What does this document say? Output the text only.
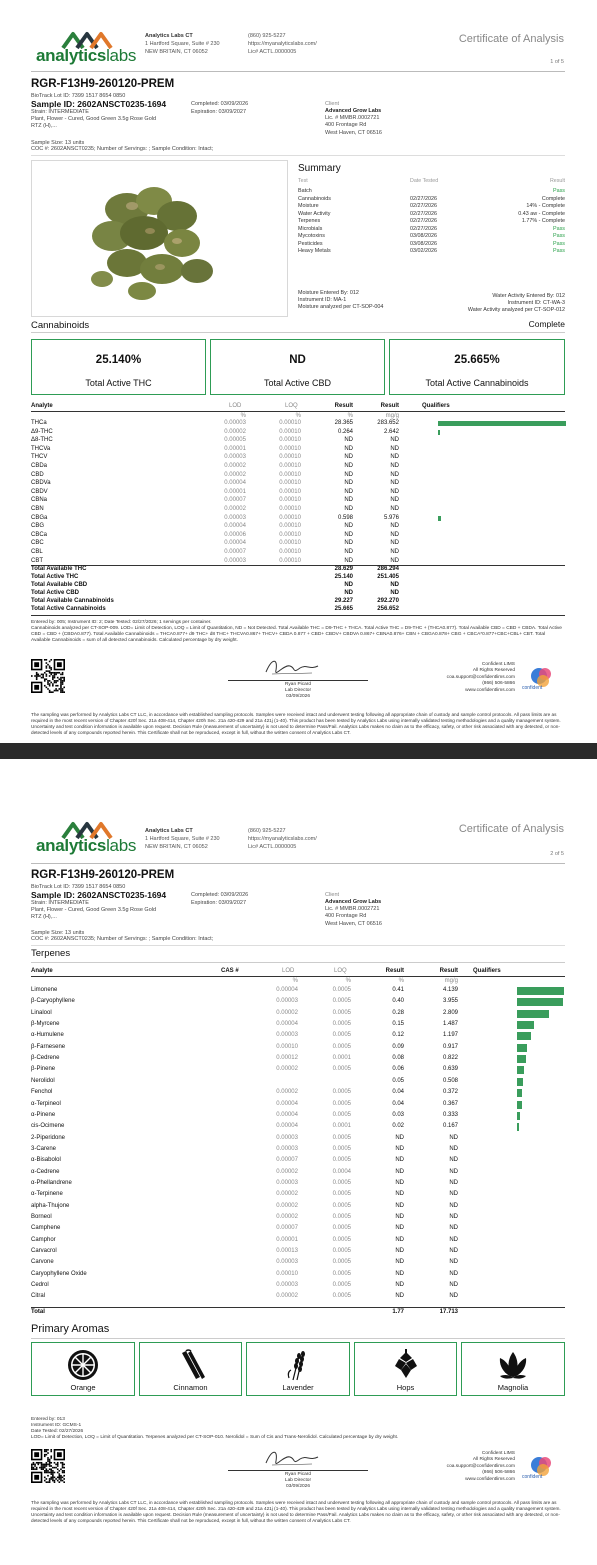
analyticslabs
Analytics Labs CT
1 Hartford Square, Suite # 230
NEW BRITAIN, CT 06052
(860) 925-5227
https://myanalyticslabs.com/
Lic# ACTL.0000005
Certificate of Analysis
1 of 5
RGR-F13H9-260120-PREM
BioTrack Lot ID: 7399 1517 8654 0850
Sample ID: 2602ANSCT0235-1694
Strain: INTERMEDIATE
Plant, Flower - Cured, Good Green 3.5g Rose Gold
RTZ (H),...
Completed: 03/09/2026
Expiration: 03/09/2027
Client
Advanced Grow Labs
Lic. # MMBR.0002721
400 Frontage Rd
West Haven, CT 06516
Sample Size: 13 units
COC #: 2602ANSCT0235; Number of Servings: ; Sample Condition: Intact;
Summary
Test	Date Tested	Result
Batch	Pass
Cannabinoids	02/27/2026	Complete
Moisture	02/27/2026	14% - Complete
Water Activity	02/27/2026	0.43 aw - Complete
Terpenes	02/27/2026	1.77% - Complete
Microbials	02/27/2026	Pass
Mycotoxins	03/08/2026	Pass
Pesticides	03/08/2026	Pass
Heavy Metals	03/02/2026	Pass
Moisture Entered By: 012
Instrument ID: MA-1
Moisture analyzed per CT-SOP-004
Water Activity Entered By: 012
Instrument ID: CT-WA-3
Water Activity analyzed per CT-SOP-012
Cannabinoids	Complete
25.140%
Total Active THC
ND
Total Active CBD
25.665%
Total Active Cannabinoids
Analyte	LOD	LOQ	Result	Result	Qualifiers
%	%	%	mg/g
THCa	0.00003	0.00010	28.365	283.652
Δ9-THC	0.00002	0.00010	0.264	2.642
Δ8-THC	0.00005	0.00010	ND	ND
THCVa	0.00001	0.00010	ND	ND
THCV	0.00003	0.00010	ND	ND
CBDa	0.00002	0.00010	ND	ND
CBD	0.00002	0.00010	ND	ND
CBDVa	0.00004	0.00010	ND	ND
CBDV	0.00001	0.00010	ND	ND
CBNa	0.00007	0.00010	ND	ND
CBN	0.00002	0.00010	ND	ND
CBGa	0.00003	0.00010	0.598	5.976
CBG	0.00004	0.00010	ND	ND
CBCa	0.00006	0.00010	ND	ND
CBC	0.00004	0.00010	ND	ND
CBL	0.00007	0.00010	ND	ND
CBT	0.00003	0.00010	ND	ND
Total Available THC	28.629	286.294
Total Active THC	25.140	251.405
Total Available CBD	ND	ND
Total Active CBD	ND	ND
Total Available Cannabinoids	29.227	292.270
Total Active Cannabinoids	25.665	256.652
Entered by: 005; Instrument ID: 2; Date Tested: 02/27/2026; 1 servings per container.
Cannabinoids analyzed per CT-SOP-009. LOD= Limit of Detection, LOQ = Limit of Quantitation, ND = Not Detected. Total Available THC = D9-THC + THCA. Total Active THC = D9-THC + (THCA0.877). Total Available CBD = CBD + CBDA. Total Active CBD = CBD + (CBDA0.877). Total Available Cannabinoids = THCA0.877+ d9 THC+ d8 THC+ THCVA0.867+ THCV+ CBDA 0.877 + CBD+ CBDV+ CBDVA 0.867+ CBNA0.876+ CBN + CBGA0.878+ CBG + CBCA*0.877+CBC+CBL+ CBT. Total Available Cannabinoids = sum of all detected cannabinoids. Calculated percentage by dry weight.
Ryan Picard
Lab Director
03/09/2026
Confident LIMS
All Rights Reserved
coa.support@confidentlims.com
(866) 506-5866
www.confidentlims.com confident
The sampling was performed by Analytics Labs CT LLC, in accordance with established sampling protocols. Samples were received intact and underwent testing following all appropriate chain of custody and sample control protocols. All pass limits are as required in the most recent version of Chapter 420f Sec. 21a 408-414, Chapter 420h Sec. 21a 420-429 and 21a 421j (1-40). This product has been tested by Analytics Labs using internally validated testing methodologies and a quality management system. Uncertainty and test condition information is available upon request. Decision Rule (measurement of uncertainty) is not used to determine Pass/Fail. Analytics Labs makes no claim as to the efficacy, safety, or other risk associated with any detected, or non-detected levels of any compounds reported herein. This Certificate shall not be reproduced, except in full, without the written consent of Analytics Labs CT.
analyticslabs
Analytics Labs CT
1 Hartford Square, Suite # 230
NEW BRITAIN, CT 06052
(860) 925-5227
https://myanalyticslabs.com/
Lic# ACTL.0000005
Certificate of Analysis
2 of 5
RGR-F13H9-260120-PREM
BioTrack Lot ID: 7399 1517 8654 0850
Sample ID: 2602ANSCT0235-1694
Strain: INTERMEDIATE
Plant, Flower - Cured, Good Green 3.5g Rose Gold
RTZ (H),...
Completed: 03/09/2026
Expiration: 03/09/2027
Client
Advanced Grow Labs
Lic. # MMBR.0002721
400 Frontage Rd
West Haven, CT 06516
Sample Size: 13 units
COC #: 2602ANSCT0235; Number of Servings: ; Sample Condition: Intact;
Terpenes
Analyte	CAS #	LOD	LOQ	Result	Result	Qualifiers
%	%	%	mg/g
Limonene	0.00004	0.0005	0.41	4.139
β-Caryophyllene	0.00003	0.0005	0.40	3.955
Linalool	0.00002	0.0005	0.28	2.809
β-Myrcene	0.00004	0.0005	0.15	1.487
α-Humulene	0.00003	0.0005	0.12	1.197
β-Farnesene	0.00010	0.0005	0.09	0.917
β-Cedrene	0.00012	0.0001	0.08	0.822
β-Pinene	0.00002	0.0005	0.06	0.639
Nerolidol	0.05	0.508
Fenchol	0.00002	0.0005	0.04	0.372
α-Terpineol	0.00004	0.0005	0.04	0.367
α-Pinene	0.00004	0.0005	0.03	0.333
cis-Ocimene	0.00004	0.0001	0.02	0.167
2-Piperidone	0.00003	0.0005	ND	ND
3-Carene	0.00003	0.0005	ND	ND
α-Bisabolol	0.00007	0.0005	ND	ND
α-Cedrene	0.00002	0.0004	ND	ND
α-Phellandrene	0.00003	0.0005	ND	ND
α-Terpinene	0.00002	0.0005	ND	ND
alpha-Thujone	0.00002	0.0005	ND	ND
Borneol	0.00002	0.0005	ND	ND
Camphene	0.00007	0.0005	ND	ND
Camphor	0.00001	0.0005	ND	ND
Carvacrol	0.00013	0.0005	ND	ND
Carvone	0.00003	0.0005	ND	ND
Caryophyllene Oxide	0.00010	0.0005	ND	ND
Cedrol	0.00003	0.0005	ND	ND
Citral	0.00002	0.0005	ND	ND
Total	1.77	17.713
Primary Aromas
Orange	Cinnamon	Lavender	Hops	Magnolia
Entered by: 013
Instrument ID: GCMS-1
Date Tested: 02/27/2026
LOD= Limit of Detection, LOQ = Limit of Quantitation. Terpenes analyzed per CT-SOP-010. Nerolidol = Sum of Cis and Trans-Nerolidol. Calculated percentage by dry weight.
Ryan Picard
Lab Director
03/09/2026
Confident LIMS
All Rights Reserved
coa.support@confidentlims.com
(866) 506-5866
www.confidentlims.com confident
The sampling was performed by Analytics Labs CT LLC, in accordance with established sampling protocols. Samples were received intact and underwent testing following all appropriate chain of custody and sample control protocols. All pass limits are as required in the most recent version of Chapter 420f Sec. 21a 408-414, Chapter 420h Sec. 21a 420-429 and 21a 421j (1-40). This product has been tested by Analytics Labs using internally validated testing methodologies and a quality management system. Uncertainty and test condition information is available upon request. Decision Rule (measurement of uncertainty) is not used to determine Pass/Fail. Analytics Labs makes no claim as to the efficacy, safety, or other risk associated with any detected, or non-detected levels of any compounds reported herein. This Certificate shall not be reproduced, except in full, without the written consent of Analytics Labs CT.
